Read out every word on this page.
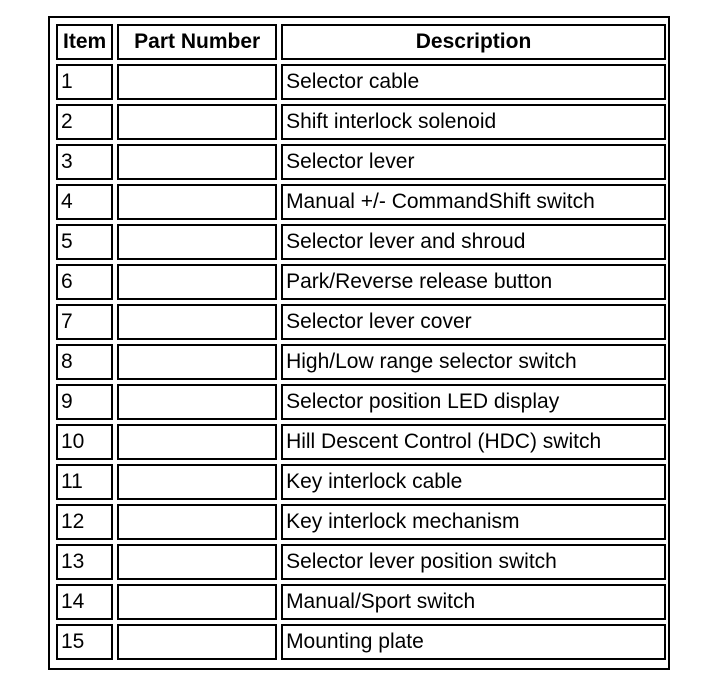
Item	Part Number	Description
1		Selector cable
2		Shift interlock solenoid
3		Selector lever
4		Manual +/- CommandShift switch
5		Selector lever and shroud
6		Park/Reverse release button
7		Selector lever cover
8		High/Low range selector switch
9		Selector position LED display
10		Hill Descent Control (HDC) switch
11		Key interlock cable
12		Key interlock mechanism
13		Selector lever position switch
14		Manual/Sport switch
15		Mounting plate
